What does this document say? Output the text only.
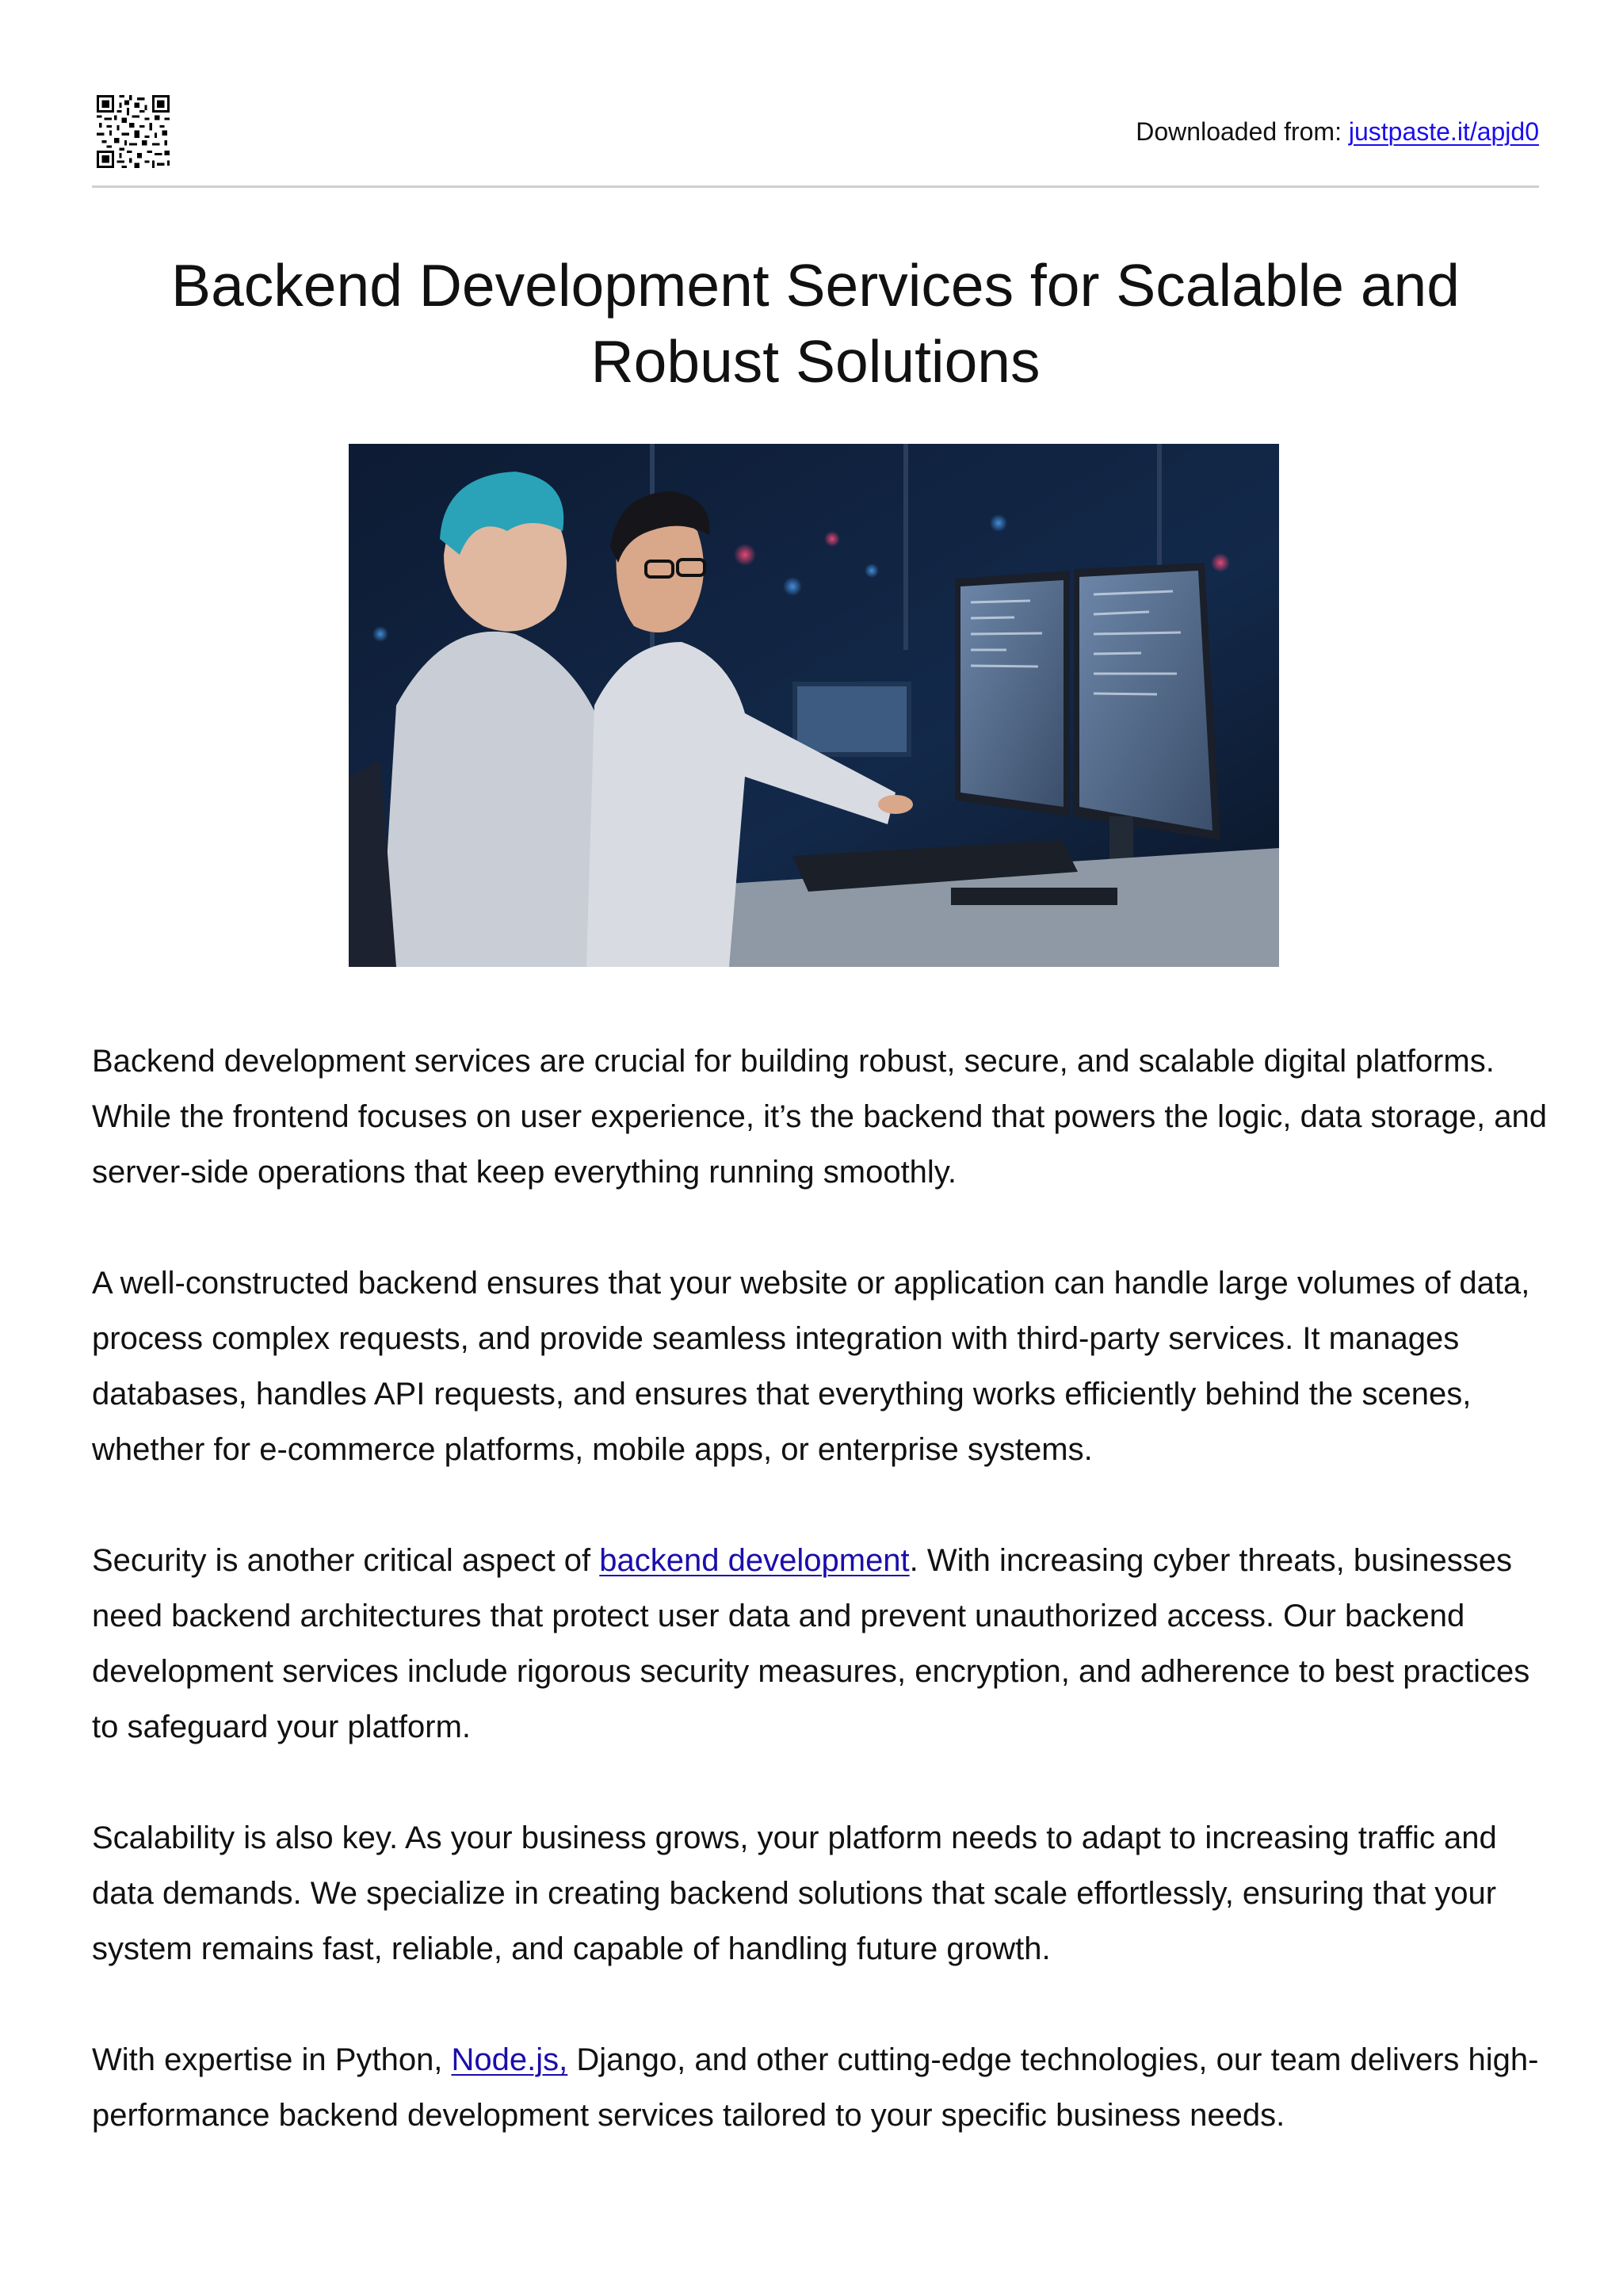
Downloaded from: justpaste.it/apjd0
Backend Development Services for Scalable and Robust Solutions

Backend development services are crucial for building robust, secure, and scalable digital platforms. While the frontend focuses on user experience, it’s the backend that powers the logic, data storage, and server-side operations that keep everything running smoothly.

A well-constructed backend ensures that your website or application can handle large volumes of data, process complex requests, and provide seamless integration with third-party services. It manages databases, handles API requests, and ensures that everything works efficiently behind the scenes, whether for e-commerce platforms, mobile apps, or enterprise systems.

Security is another critical aspect of backend development. With increasing cyber threats, businesses need backend architectures that protect user data and prevent unauthorized access. Our backend development services include rigorous security measures, encryption, and adherence to best practices to safeguard your platform.

Scalability is also key. As your business grows, your platform needs to adapt to increasing traffic and data demands. We specialize in creating backend solutions that scale effortlessly, ensuring that your system remains fast, reliable, and capable of handling future growth.

With expertise in Python, Node.js, Django, and other cutting-edge technologies, our team delivers high-performance backend development services tailored to your specific business needs.
